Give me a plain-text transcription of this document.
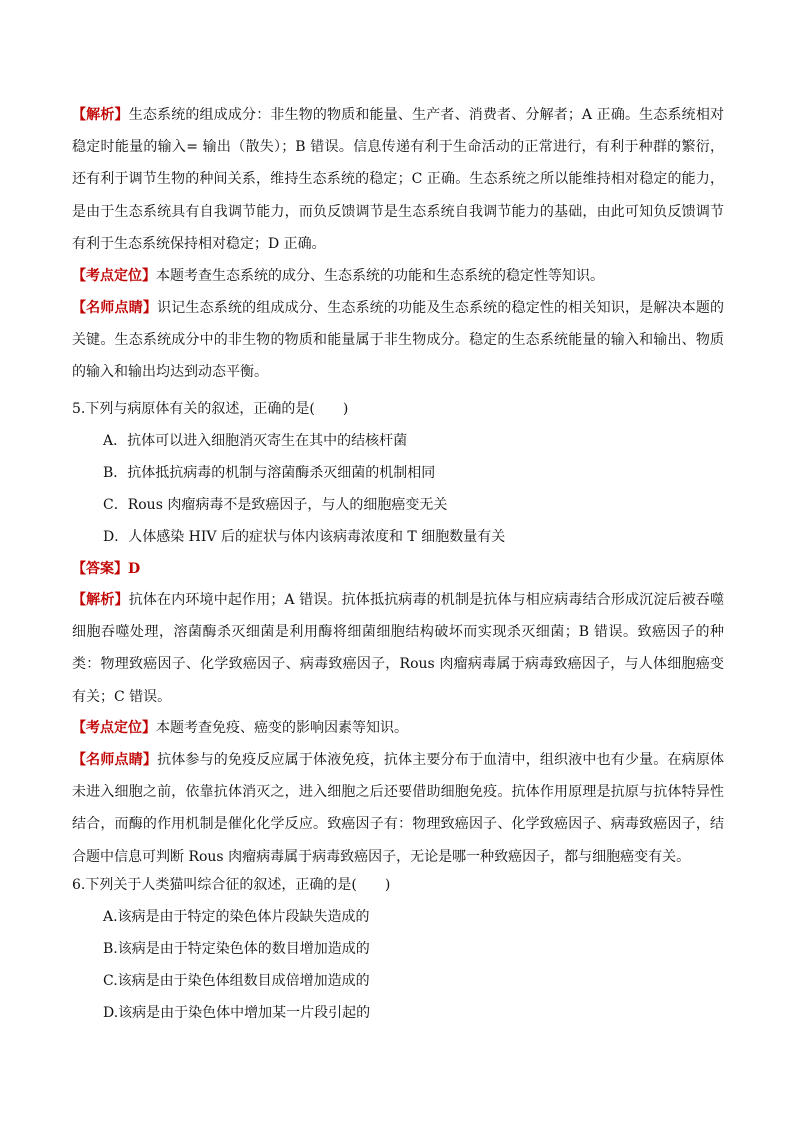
【解析】生态系统的组成成分：非生物的物质和能量、生产者、消费者、分解者；A 正确。生态系统相对稳定时能量的输入= 输出（散失）；B 错误。信息传递有利于生命活动的正常进行，有利于种群的繁衍，还有利于调节生物的种间关系，维持生态系统的稳定；C 正确。生态系统之所以能维持相对稳定的能力，是由于生态系统具有自我调节能力，而负反馈调节是生态系统自我调节能力的基础，由此可知负反馈调节有利于生态系统保持相对稳定；D 正确。

【考点定位】本题考查生态系统的成分、生态系统的功能和生态系统的稳定性等知识。

【名师点睛】识记生态系统的组成成分、生态系统的功能及生态系统的稳定性的相关知识，是解决本题的关键。生态系统成分中的非生物的物质和能量属于非生物成分。稳定的生态系统能量的输入和输出、物质的输入和输出均达到动态平衡。

5.下列与病原体有关的叙述，正确的是(　　)

A．抗体可以进入细胞消灭寄生在其中的结核杆菌

B．抗体抵抗病毒的机制与溶菌酶杀灭细菌的机制相同

C．Rous 肉瘤病毒不是致癌因子，与人的细胞癌变无关

D．人体感染 HIV 后的症状与体内该病毒浓度和 T 细胞数量有关

【答案】D

【解析】抗体在内环境中起作用；A 错误。抗体抵抗病毒的机制是抗体与相应病毒结合形成沉淀后被吞噬细胞吞噬处理，溶菌酶杀灭细菌是利用酶将细菌细胞结构破坏而实现杀灭细菌；B 错误。致癌因子的种类：物理致癌因子、化学致癌因子、病毒致癌因子，Rous 肉瘤病毒属于病毒致癌因子，与人体细胞癌变有关；C 错误。

【考点定位】本题考查免疫、癌变的影响因素等知识。

【名师点睛】抗体参与的免疫反应属于体液免疫，抗体主要分布于血清中，组织液中也有少量。在病原体未进入细胞之前，依靠抗体消灭之，进入细胞之后还要借助细胞免疫。抗体作用原理是抗原与抗体特异性结合，而酶的作用机制是催化化学反应。致癌因子有：物理致癌因子、化学致癌因子、病毒致癌因子，结合题中信息可判断 Rous 肉瘤病毒属于病毒致癌因子，无论是哪一种致癌因子，都与细胞癌变有关。

6.下列关于人类猫叫综合征的叙述，正确的是(　　)

A.该病是由于特定的染色体片段缺失造成的

B.该病是由于特定染色体的数目增加造成的

C.该病是由于染色体组数目成倍增加造成的

D.该病是由于染色体中增加某一片段引起的
